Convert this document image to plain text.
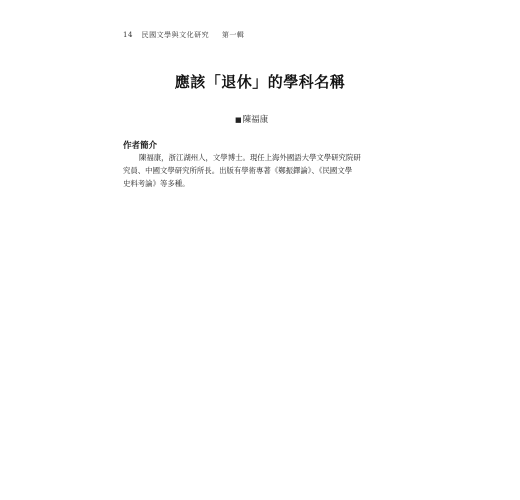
14 民國文學與文化研究 第一輯
應該「退休」的學科名稱
■陳福康
作者簡介
陳福康，浙江湖州人，文學博士。現任上海外國語大學文學研究院研
究員、中國文學研究所所長。出版有學術專著《鄭振鐸論》、《民國文學
史料考論》等多種。
